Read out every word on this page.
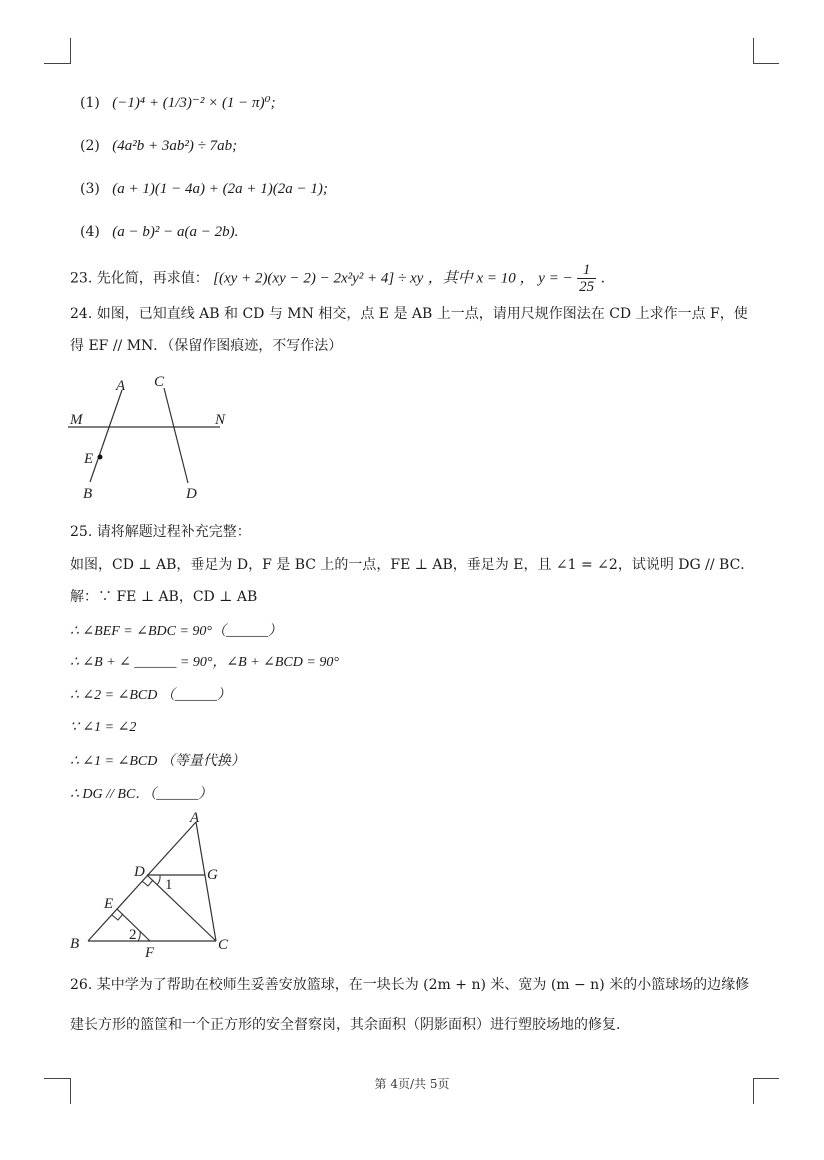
(1) (−1)⁴ + (1/3)⁻² × (1 − π)⁰;
(2) (4a²b + 3ab²) ÷ 7ab;
(3) (a + 1)(1 − 4a) + (2a + 1)(2a − 1);
(4) (a − b)² − a(a − 2b).
23. 先化简，再求值： [(xy + 2)(xy − 2) − 2x²y² + 4] ÷ xy ，其中 x = 10 ， y = − $\frac{1}{25}$ .
24. 如图，已知直线 AB 和 CD 与 MN 相交，点 E 是 AB 上一点，请用尺规作图法在 CD 上求作一点 F，使
得 EF // MN．（保留作图痕迹，不写作法）
A C
M	N
E
B	D
25. 请将解题过程补充完整：
如图，CD ⊥ AB，垂足为 D，F 是 BC 上的一点，FE ⊥ AB，垂足为 E，且 ∠1 = ∠2，试说明 DG // BC．
解：∵ FE ⊥ AB，CD ⊥ AB
∴ ∠BEF = ∠BDC = 90°（______）
∴ ∠B + ∠ ______ = 90°，∠B + ∠BCD = 90°
∴ ∠2 = ∠BCD （______）
∵ ∠1 = ∠2
∴ ∠1 = ∠BCD （等量代换）
∴ DG // BC．（______）
A
D	G
1
E
B
2
F	C
26. 某中学为了帮助在校师生妥善安放篮球，在一块长为 (2m + n) 米、宽为 (m − n) 米的小篮球场的边缘修
建长方形的篮筐和一个正方形的安全督察岗，其余面积（阴影面积）进行塑胶场地的修复.
第 4页/共 5页
